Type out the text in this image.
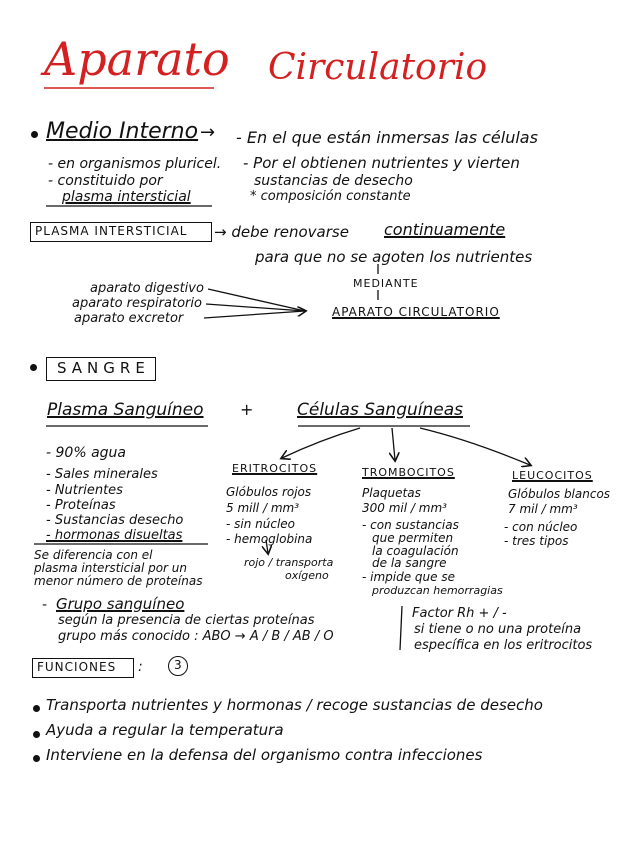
Aparato Circulatorio
Medio Interno → - En el que están inmersas las células
- en organismos pluricel.
- constituido por
plasma intersticial
- Por el obtienen nutrientes y vierten
sustancias de desecho
* composición constante
PLASMA INTERSTICIAL → debe renovarse continuamente
para que no se agoten los nutrientes
MEDIANTE
aparato digestivo
aparato respiratorio
aparato excretor	APARATO CIRCULATORIO
SANGRE
Plasma Sanguíneo +	Células Sanguíneas
- 90% agua
- Sales minerales
- Nutrientes
- Proteínas
- Sustancias desecho
- hormonas disueltas
Se diferencia con el
plasma intersticial por un
menor número de proteínas
ERITROCITOS
Glóbulos rojos
5 mill / mm³
- sin núcleo
- hemoglobina
rojo / transporta
oxígeno
TROMBOCITOS
Plaquetas
300 mil / mm³
- con sustancias
que permiten
la coagulación
de la sangre
- impide que se
produzcan hemorragias
LEUCOCITOS
Glóbulos blancos
7 mil / mm³
- con núcleo
- tres tipos
- Grupo sanguíneo
según la presencia de ciertas proteínas
grupo más conocido : ABO → A / B / AB / O
Factor Rh + / -
si tiene o no una proteína
específica en los eritrocitos
FUNCIONES :	3
Transporta nutrientes y hormonas / recoge sustancias de desecho
Ayuda a regular la temperatura
Interviene en la defensa del organismo contra infecciones
